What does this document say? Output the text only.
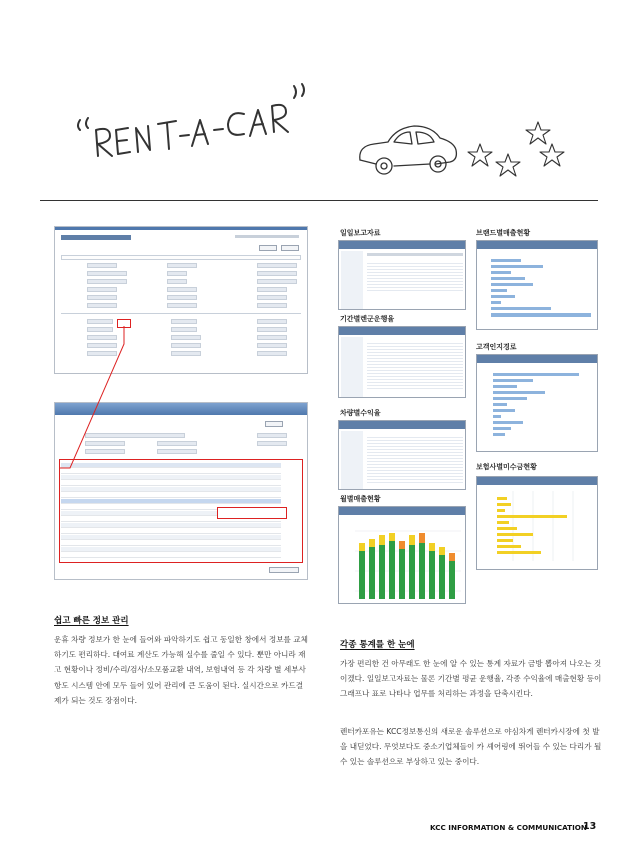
일일보고자료	브랜드별매출현황
기간별렌군운행율
고객인지경로
차량별수익율
보험사별미수금현황
월별매출현황
쉽고 빠른 정보 관리
운휴 차량 정보가 한 눈에 들어와 파악하기도 쉽고 동일한 창에서 정보를 교체하기도 편리하다. 대여료 계산도 가능해 실수를 줄일 수 있다. 뿐만 아니라 재고 현황이나 정비/수리/검사/소모품교환 내역, 보험내역 등 각 차량 별 세부사항도 시스템 안에 모두 들어 있어 관리에 큰 도움이 된다. 실시간으로 카드결제가 되는 것도 장점이다.
각종 통계를 한 눈에
가장 편리한 건 아무래도 한 눈에 알 수 있는 통계 자료가 금방 뽑아져 나오는 것이겠다. 일일보고자료는 물론 기간별 평균 운행율, 각종 수익율에 매출현황 등이 그래프나 표로 나타나 업무를 처리하는 과정을 단축시킨다.
렌터카포유는 KCC정보통신의 새로운 솔루션으로 야심차게 렌터카시장에 첫 발을 내딛었다. 무엇보다도 중소기업체들이 카 셰어링에 뛰어들 수 있는 다리가 될 수 있는 솔루션으로 부상하고 있는 중이다.
KCC INFORMATION & COMMUNICATION
13
